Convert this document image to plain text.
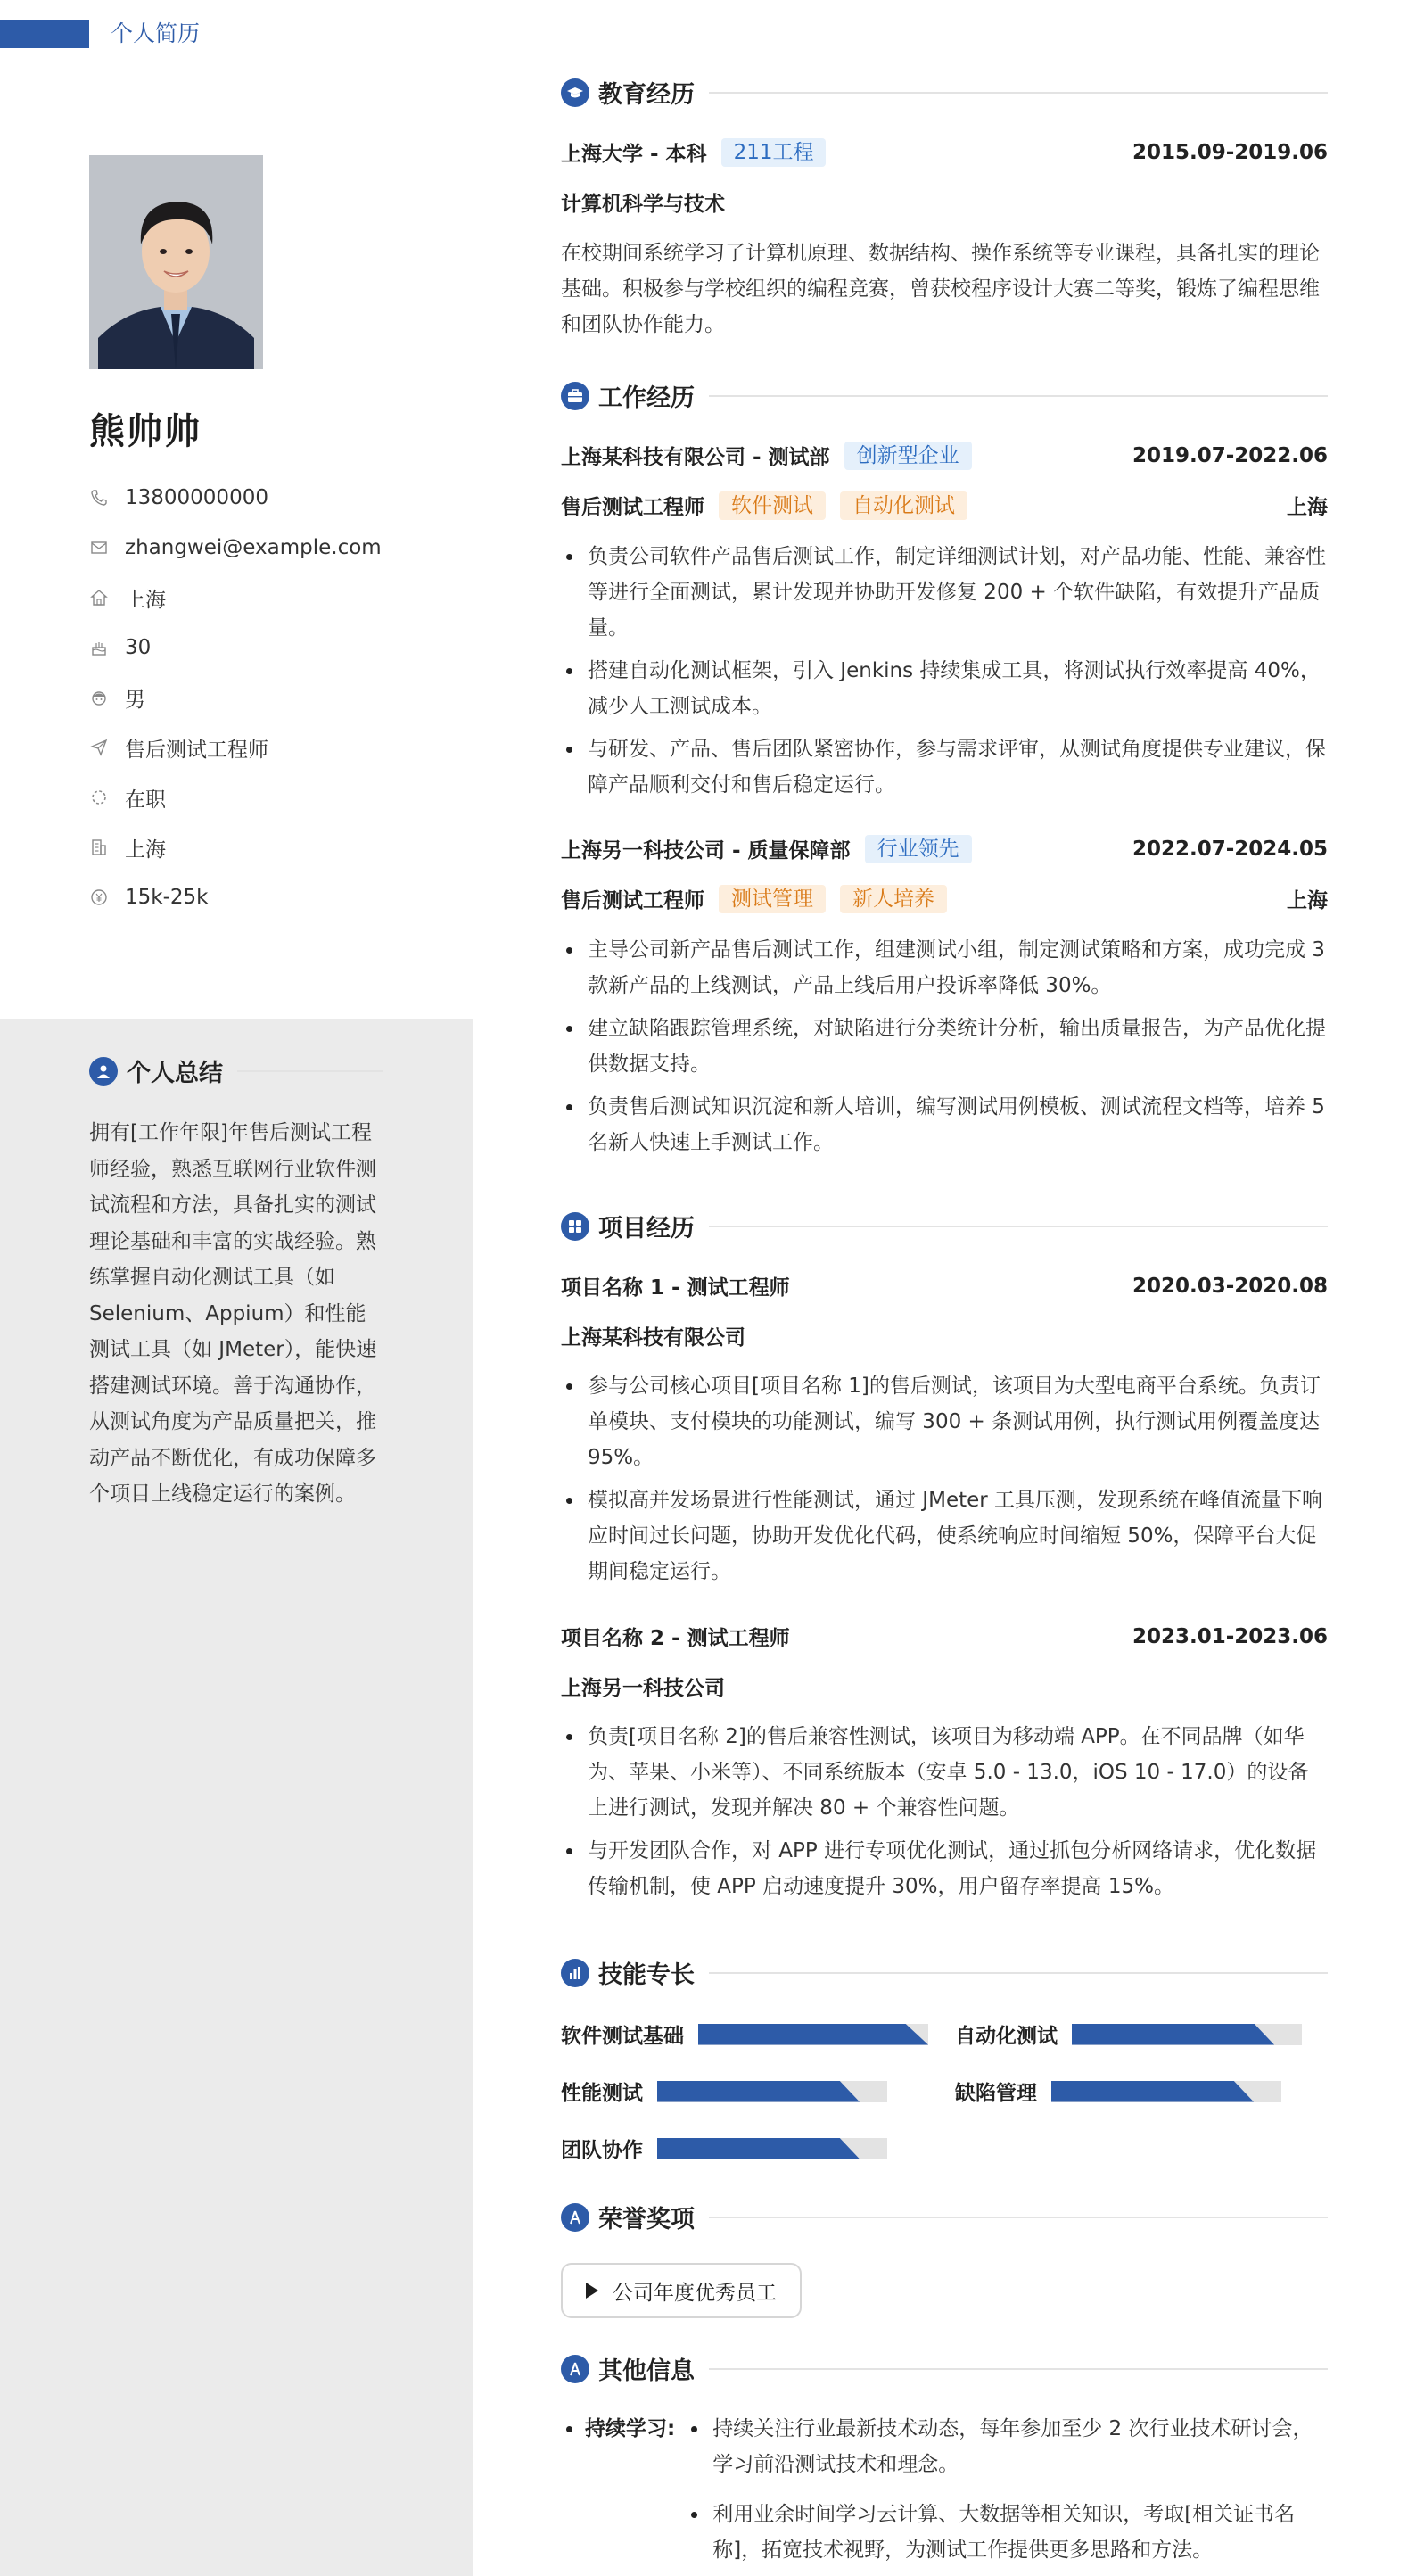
个人简历
熊帅帅
13800000000
zhangwei@example.com
上海
30
男
售后测试工程师
在职
上海
15k-25k
个人总结
拥有[工作年限]年售后测试工程师经验，熟悉互联网行业软件测试流程和方法，具备扎实的测试理论基础和丰富的实战经验。熟练掌握自动化测试工具（如 Selenium、Appium）和性能测试工具（如 JMeter），能快速搭建测试环境。善于沟通协作，从测试角度为产品质量把关，推动产品不断优化，有成功保障多个项目上线稳定运行的案例。
教育经历
上海大学 - 本科	211工程	2015.09-2019.06
计算机科学与技术
在校期间系统学习了计算机原理、数据结构、操作系统等专业课程，具备扎实的理论基础。积极参与学校组织的编程竞赛，曾获校程序设计大赛二等奖，锻炼了编程思维和团队协作能力。
工作经历
上海某科技有限公司 - 测试部	创新型企业	2019.07-2022.06
售后测试工程师	软件测试	自动化测试	上海
负责公司软件产品售后测试工作，制定详细测试计划，对产品功能、性能、兼容性等进行全面测试，累计发现并协助开发修复 200 + 个软件缺陷，有效提升产品质量。
搭建自动化测试框架，引入 Jenkins 持续集成工具，将测试执行效率提高 40%，减少人工测试成本。
与研发、产品、售后团队紧密协作，参与需求评审，从测试角度提供专业建议，保障产品顺利交付和售后稳定运行。
上海另一科技公司 - 质量保障部	行业领先	2022.07-2024.05
售后测试工程师	测试管理	新人培养	上海
主导公司新产品售后测试工作，组建测试小组，制定测试策略和方案，成功完成 3 款新产品的上线测试，产品上线后用户投诉率降低 30%。
建立缺陷跟踪管理系统，对缺陷进行分类统计分析，输出质量报告，为产品优化提供数据支持。
负责售后测试知识沉淀和新人培训，编写测试用例模板、测试流程文档等，培养 5 名新人快速上手测试工作。
项目经历
项目名称 1 - 测试工程师	2020.03-2020.08
上海某科技有限公司
参与公司核心项目[项目名称 1]的售后测试，该项目为大型电商平台系统。负责订单模块、支付模块的功能测试，编写 300 + 条测试用例，执行测试用例覆盖度达 95%。
模拟高并发场景进行性能测试，通过 JMeter 工具压测，发现系统在峰值流量下响应时间过长问题，协助开发优化代码，使系统响应时间缩短 50%，保障平台大促期间稳定运行。
项目名称 2 - 测试工程师	2023.01-2023.06
上海另一科技公司
负责[项目名称 2]的售后兼容性测试，该项目为移动端 APP。在不同品牌（如华为、苹果、小米等）、不同系统版本（安卓 5.0 - 13.0，iOS 10 - 17.0）的设备上进行测试，发现并解决 80 + 个兼容性问题。
与开发团队合作，对 APP 进行专项优化测试，通过抓包分析网络请求，优化数据传输机制，使 APP 启动速度提升 30%，用户留存率提高 15%。
技能专长
软件测试基础	自动化测试
性能测试	缺陷管理
团队协作
荣誉奖项
公司年度优秀员工
其他信息
持续学习:	持续关注行业最新技术动态，每年参加至少 2 次行业技术研讨会，学习前沿测试技术和理念。
利用业余时间学习云计算、大数据等相关知识，考取[相关证书名称]，拓宽技术视野，为测试工作提供更多思路和方法。
